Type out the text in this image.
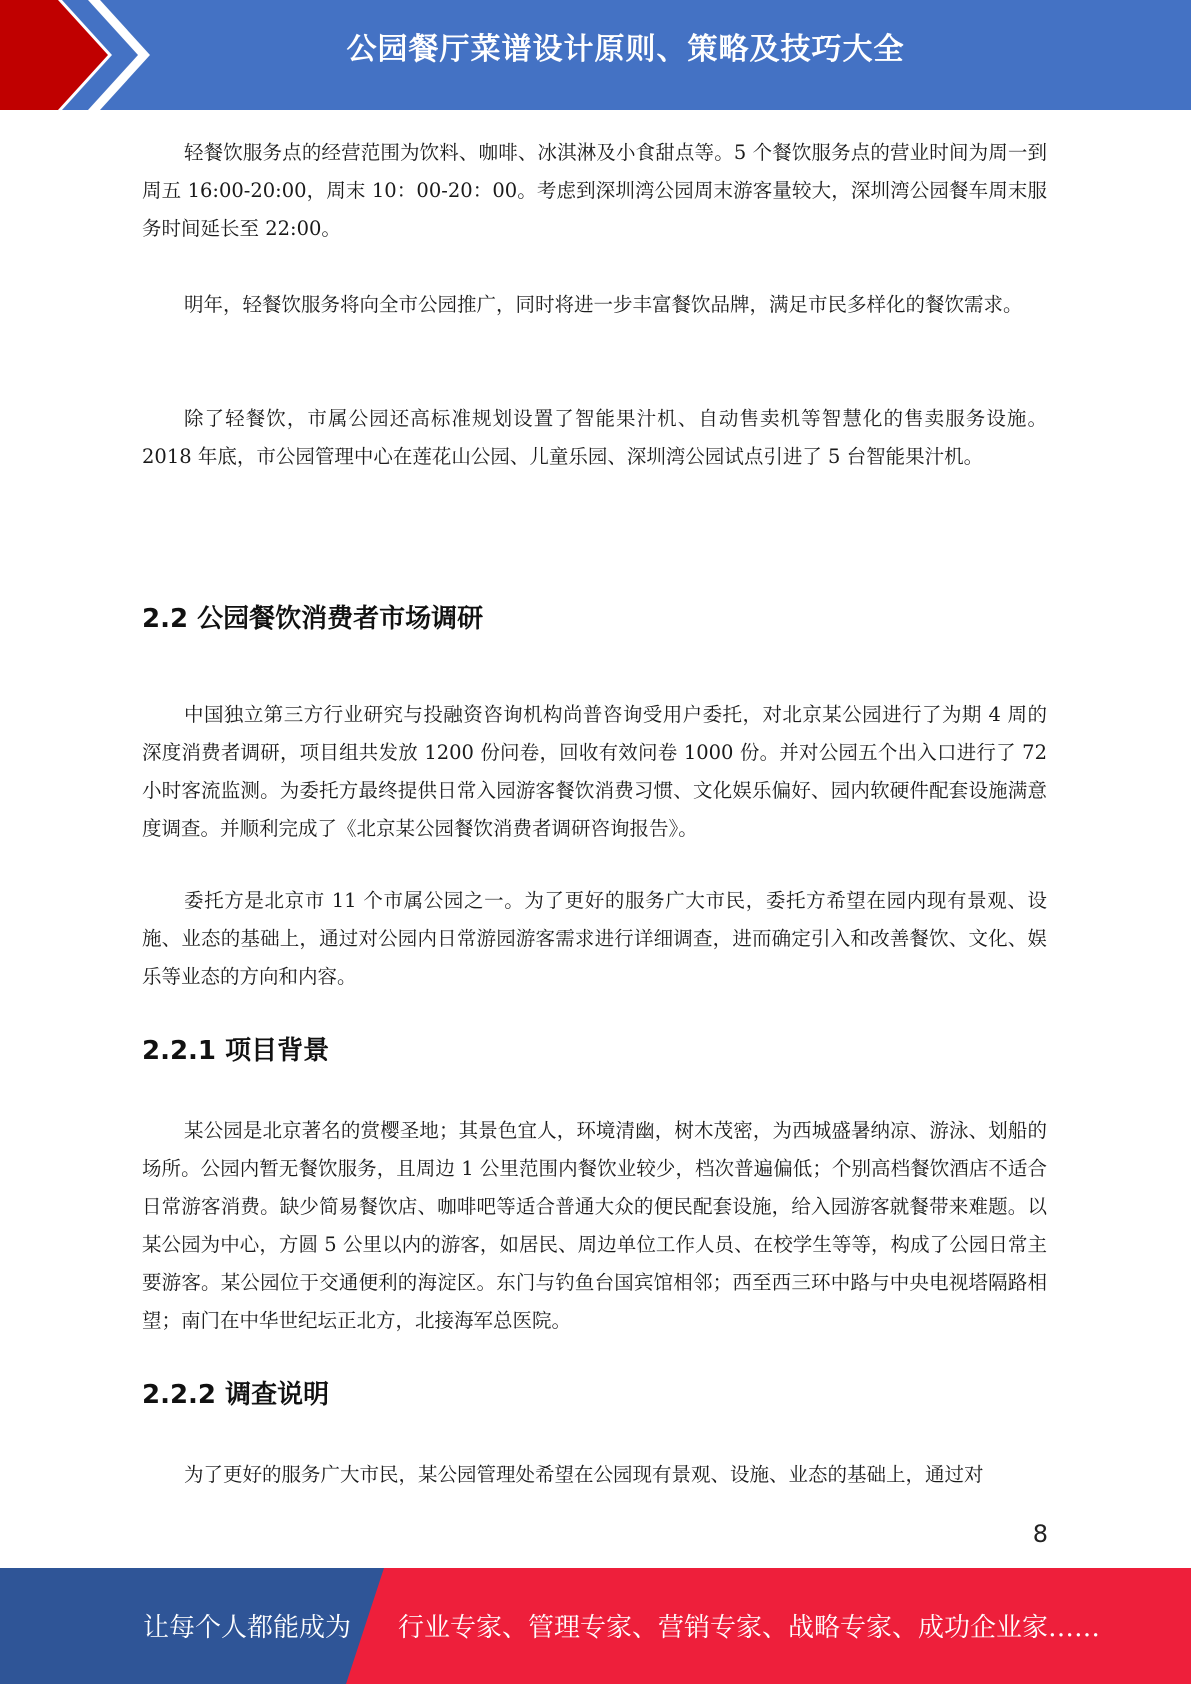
公园餐厅菜谱设计原则、策略及技巧大全

轻餐饮服务点的经营范围为饮料、咖啡、冰淇淋及小食甜点等。5 个餐饮服务点的营业时间为周一到周五 16:00-20:00，周末 10：00-20：00。考虑到深圳湾公园周末游客量较大，深圳湾公园餐车周末服务时间延长至 22:00。

明年，轻餐饮服务将向全市公园推广，同时将进一步丰富餐饮品牌，满足市民多样化的餐饮需求。

除了轻餐饮，市属公园还高标准规划设置了智能果汁机、自动售卖机等智慧化的售卖服务设施。2018 年底，市公园管理中心在莲花山公园、儿童乐园、深圳湾公园试点引进了 5 台智能果汁机。

2.2 公园餐饮消费者市场调研

中国独立第三方行业研究与投融资咨询机构尚普咨询受用户委托，对北京某公园进行了为期 4 周的深度消费者调研，项目组共发放 1200 份问卷，回收有效问卷 1000 份。并对公园五个出入口进行了 72 小时客流监测。为委托方最终提供日常入园游客餐饮消费习惯、文化娱乐偏好、园内软硬件配套设施满意度调查。并顺利完成了《北京某公园餐饮消费者调研咨询报告》。

委托方是北京市 11 个市属公园之一。为了更好的服务广大市民，委托方希望在园内现有景观、设施、业态的基础上，通过对公园内日常游园游客需求进行详细调查，进而确定引入和改善餐饮、文化、娱乐等业态的方向和内容。

2.2.1 项目背景

某公园是北京著名的赏樱圣地；其景色宜人，环境清幽，树木茂密，为西城盛暑纳凉、游泳、划船的场所。公园内暂无餐饮服务，且周边 1 公里范围内餐饮业较少，档次普遍偏低；个别高档餐饮酒店不适合日常游客消费。缺少简易餐饮店、咖啡吧等适合普通大众的便民配套设施，给入园游客就餐带来难题。以某公园为中心，方圆 5 公里以内的游客，如居民、周边单位工作人员、在校学生等等，构成了公园日常主要游客。某公园位于交通便利的海淀区。东门与钓鱼台国宾馆相邻；西至西三环中路与中央电视塔隔路相望；南门在中华世纪坛正北方，北接海军总医院。

2.2.2 调查说明

为了更好的服务广大市民，某公园管理处希望在公园现有景观、设施、业态的基础上，通过对

8
让每个人都能成为 行业专家、管理专家、营销专家、战略专家、成功企业家……
